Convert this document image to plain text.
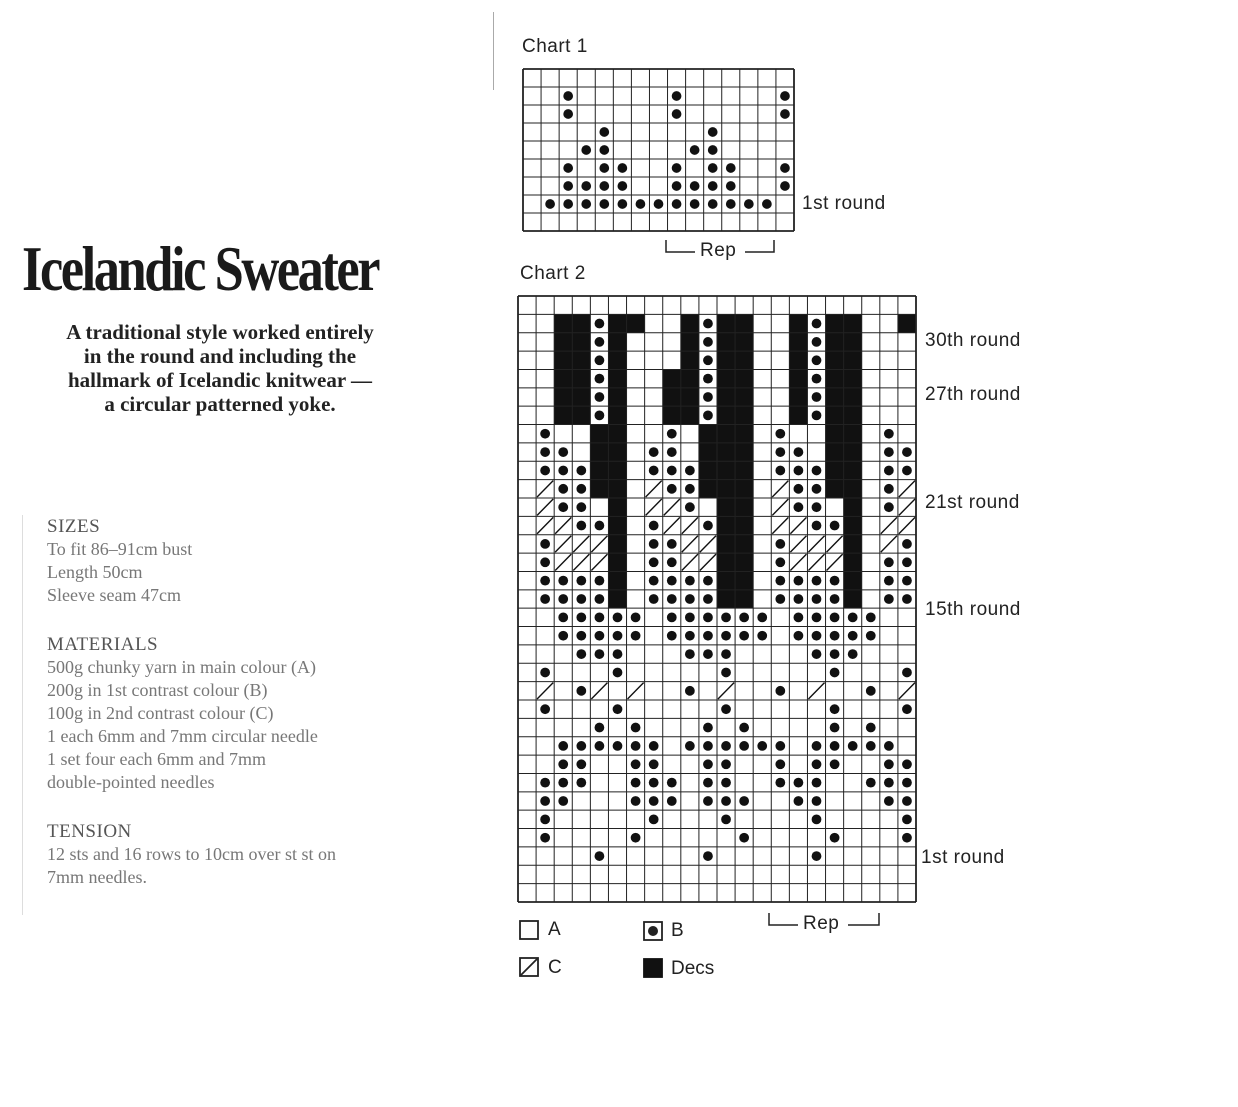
Icelandic Sweater
A traditional style worked entirely
in the round and including the
hallmark of Icelandic knitwear —
a circular patterned yoke.
SIZES
To fit 86–91cm bust
Length 50cm
Sleeve seam 47cm
MATERIALS
500g chunky yarn in main colour (A)
200g in 1st contrast colour (B)
100g in 2nd contrast colour (C)
1 each 6mm and 7mm circular needle
1 set four each 6mm and 7mm
double-pointed needles
TENSION
12 sts and 16 rows to 10cm over st st on
7mm needles.
Chart 1
1st round
Rep
Chart 2
30th round
27th round
21st round
15th round
1st round
Rep
A	B
C	Decs
